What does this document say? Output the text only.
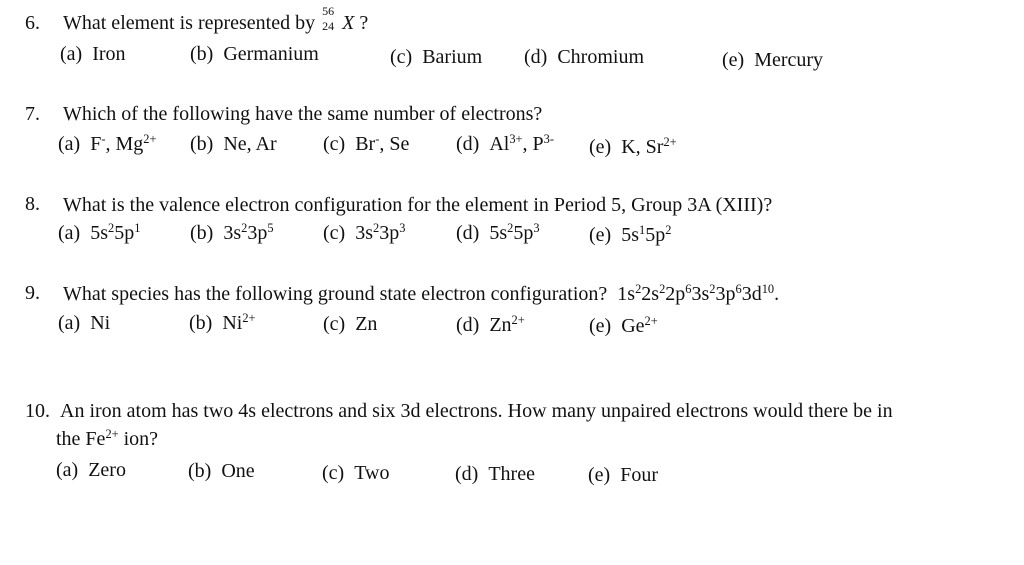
6. What element is represented by
56
24 X ?
(a) Iron	(b) Germanium	(c) Barium (d) Chromium	(e) Mercury
7. Which of the following have the same number of electrons?
(a) F-, $Mg^{2+}$ (b) Ne, Ar (c) Br-, Se (d) $Al^{3+}$, $P^{3-}$ (e) K, $Sr^{2+}$
8. What is the valence electron configuration for the element in Period 5, Group 3A (XIII)?
(a) $5s^25p^1$ (b) $3s^23p^5$ (c) $3s^23p^3$	(d) $5s^25p^3$ (e) $5s^15p^2$
9. What species has the following ground state electron configuration? $1s^22s^22p^63s^23p^63d^{10}$.
(a) Ni	(b) $Ni^{2+}$	(c) Zn	(d) $Zn^{2+}$	(e) $Ge^{2+}$
10. An iron atom has two 4s electrons and six 3d electrons. How many unpaired electrons would there be in
the $Fe^{2+}$ ion?
(a) Zero	(b) One	(c) Two	(d) Three	(e) Four
